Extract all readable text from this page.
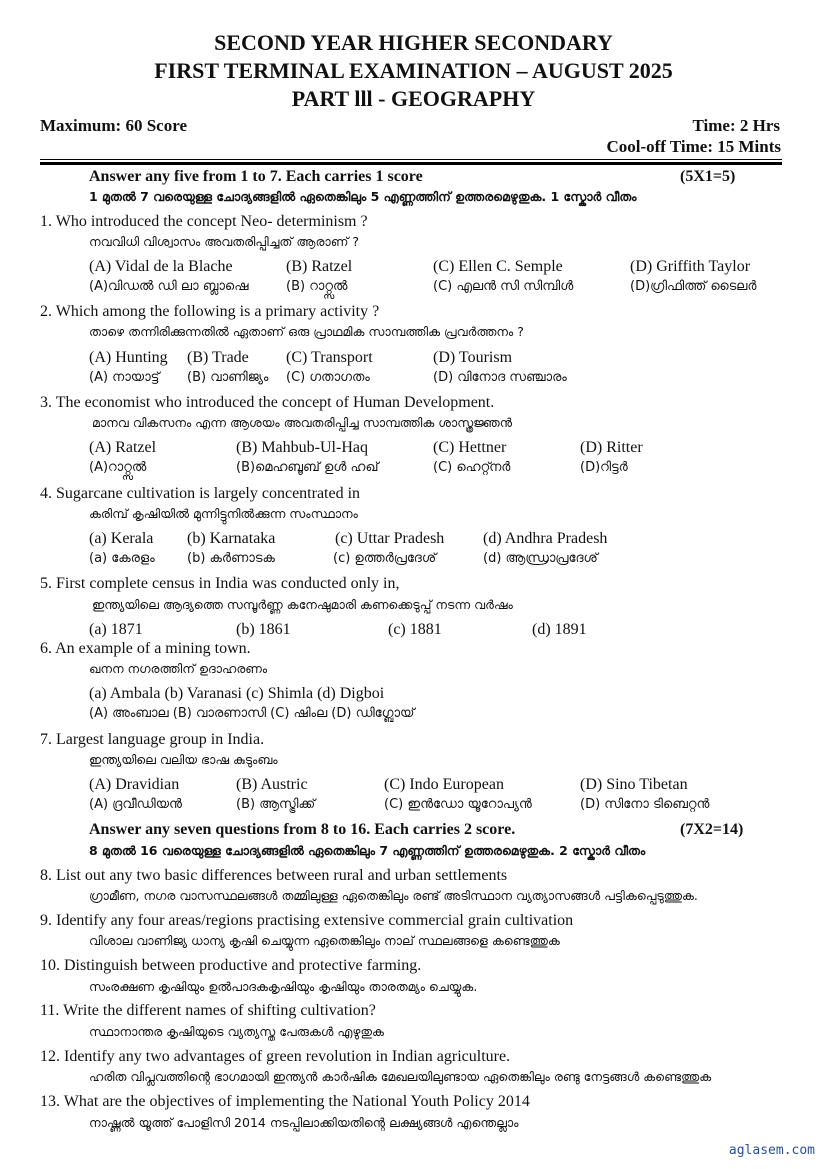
SECOND YEAR HIGHER SECONDARY
FIRST TERMINAL EXAMINATION – AUGUST 2025
PART lll - GEOGRAPHY
Maximum: 60 Score	Time: 2 Hrs
Cool-off Time: 15 Mints
Answer any five from 1 to 7. Each carries 1 score	(5X1=5)
1 മുതൽ 7 വരെയുള്ള ചോദ്യങ്ങളിൽ ഏതെങ്കിലും 5 എണ്ണത്തിന് ഉത്തരമെഴുതുക. 1 സ്കോർ വീതം
1. Who introduced the concept Neo- determinism ?
നവവിധി വിശ്വാസം അവതരിപ്പിച്ചത് ആരാണ് ?
(A) Vidal de la Blache	(B) Ratzel	(C) Ellen C. Semple	(D) Griffith Taylor
(A)വിഡൽ ഡി ലാ ബ്ലാഷെ	(B) റാറ്റ്സൽ	(C) എലൻ സി സിമ്പിൾ	(D)ഗ്രിഫിത്ത് ടൈലർ
2. Which among the following is a primary activity ?
താഴെ തന്നിരിക്കുന്നതിൽ ഏതാണ് ഒരു പ്രാഥമിക സാമ്പത്തിക പ്രവർത്തനം ?
(A) Hunting (B) Trade (C) Transport	(D) Tourism
(A) നായാട്ട് (B) വാണിജ്യം (C) ഗതാഗതം	(D) വിനോദ സഞ്ചാരം
3. The economist who introduced the concept of Human Development.
മാനവ വികസനം എന്ന ആശയം അവതരിപ്പിച്ച സാമ്പത്തിക ശാസ്ത്രജ്ഞൻ
(A) Ratzel	(B) Mahbub-Ul-Haq	(C) Hettner	(D) Ritter
(A)റാറ്റ്സൽ	(B)മെഹബൂബ് ഉൾ ഹഖ്	(C) ഹെറ്റ്നർ	(D)റിട്ടർ
4. Sugarcane cultivation is largely concentrated in
കരിമ്പ് കൃഷിയിൽ മുന്നിട്ടുനിൽക്കുന്ന സംസ്ഥാനം
(a) Kerala (b) Karnataka	(c) Uttar Pradesh (d) Andhra Pradesh
(a) കേരളം (b) കർണാടക	(c) ഉത്തർപ്രദേശ്	(d) ആന്ധ്രാപ്രദേശ്
5. First complete census in India was conducted only in,
ഇന്ത്യയിലെ ആദ്യത്തെ സമ്പൂർണ്ണ കനേഷുമാരി കണക്കെടുപ്പ് നടന്ന വർഷം
(a) 1871	(b) 1861	(c) 1881	(d) 1891
6. An example of a mining town.
ഖനന നഗരത്തിന് ഉദാഹരണം
(a) Ambala (b) Varanasi (c) Shimla (d) Digboi
(A) അംബാല (B) വാരണാസി (C) ഷിംല (D) ഡിഗ്ബോയ്
7. Largest language group in India.
ഇന്ത്യയിലെ വലിയ ഭാഷ കുടുംബം
(A) Dravidian	(B) Austric	(C) Indo European	(D) Sino Tibetan
(A) ദ്രവീഡിയൻ	(B) ആസ്ട്രിക്ക്	(C) ഇൻഡോ യൂറോപ്യൻ	(D) സിനോ ടിബെറ്റൻ
Answer any seven questions from 8 to 16. Each carries 2 score.	(7X2=14)
8 മുതൽ 16 വരെയുള്ള ചോദ്യങ്ങളിൽ ഏതെങ്കിലും 7 എണ്ണത്തിന് ഉത്തരമെഴുതുക. 2 സ്കോർ വീതം
8. List out any two basic differences between rural and urban settlements
ഗ്രാമീണ, നഗര വാസസ്ഥലങ്ങൾ തമ്മിലുള്ള ഏതെങ്കിലും രണ്ട് അടിസ്ഥാന വ്യത്യാസങ്ങൾ പട്ടികപ്പെടുത്തുക.
9. Identify any four areas/regions practising extensive commercial grain cultivation
വിശാല വാണിജ്യ ധാന്യ കൃഷി ചെയ്യുന്ന ഏതെങ്കിലും നാല് സ്ഥലങ്ങളെ കണ്ടെത്തുക
10. Distinguish between productive and protective farming.
സംരക്ഷണ കൃഷിയും ഉൽപാദകകൃഷിയും കൃഷിയും താരതമ്യം ചെയ്യുക.
11. Write the different names of shifting cultivation?
സ്ഥാനാന്തര കൃഷിയുടെ വ്യത്യസ്ത പേരുകൾ എഴുതുക
12. Identify any two advantages of green revolution in Indian agriculture.
ഹരിത വിപ്ലവത്തിന്റെ ഭാഗമായി ഇന്ത്യൻ കാർഷിക മേഖലയിലുണ്ടായ ഏതെങ്കിലും രണ്ടു നേട്ടങ്ങൾ കണ്ടെത്തുക
13. What are the objectives of implementing the National Youth Policy 2014
നാഷ്ണൽ യൂത്ത് പോളിസി 2014 നടപ്പിലാക്കിയതിന്റെ ലക്ഷ്യങ്ങൾ എന്തെല്ലാം
aglasem.com
